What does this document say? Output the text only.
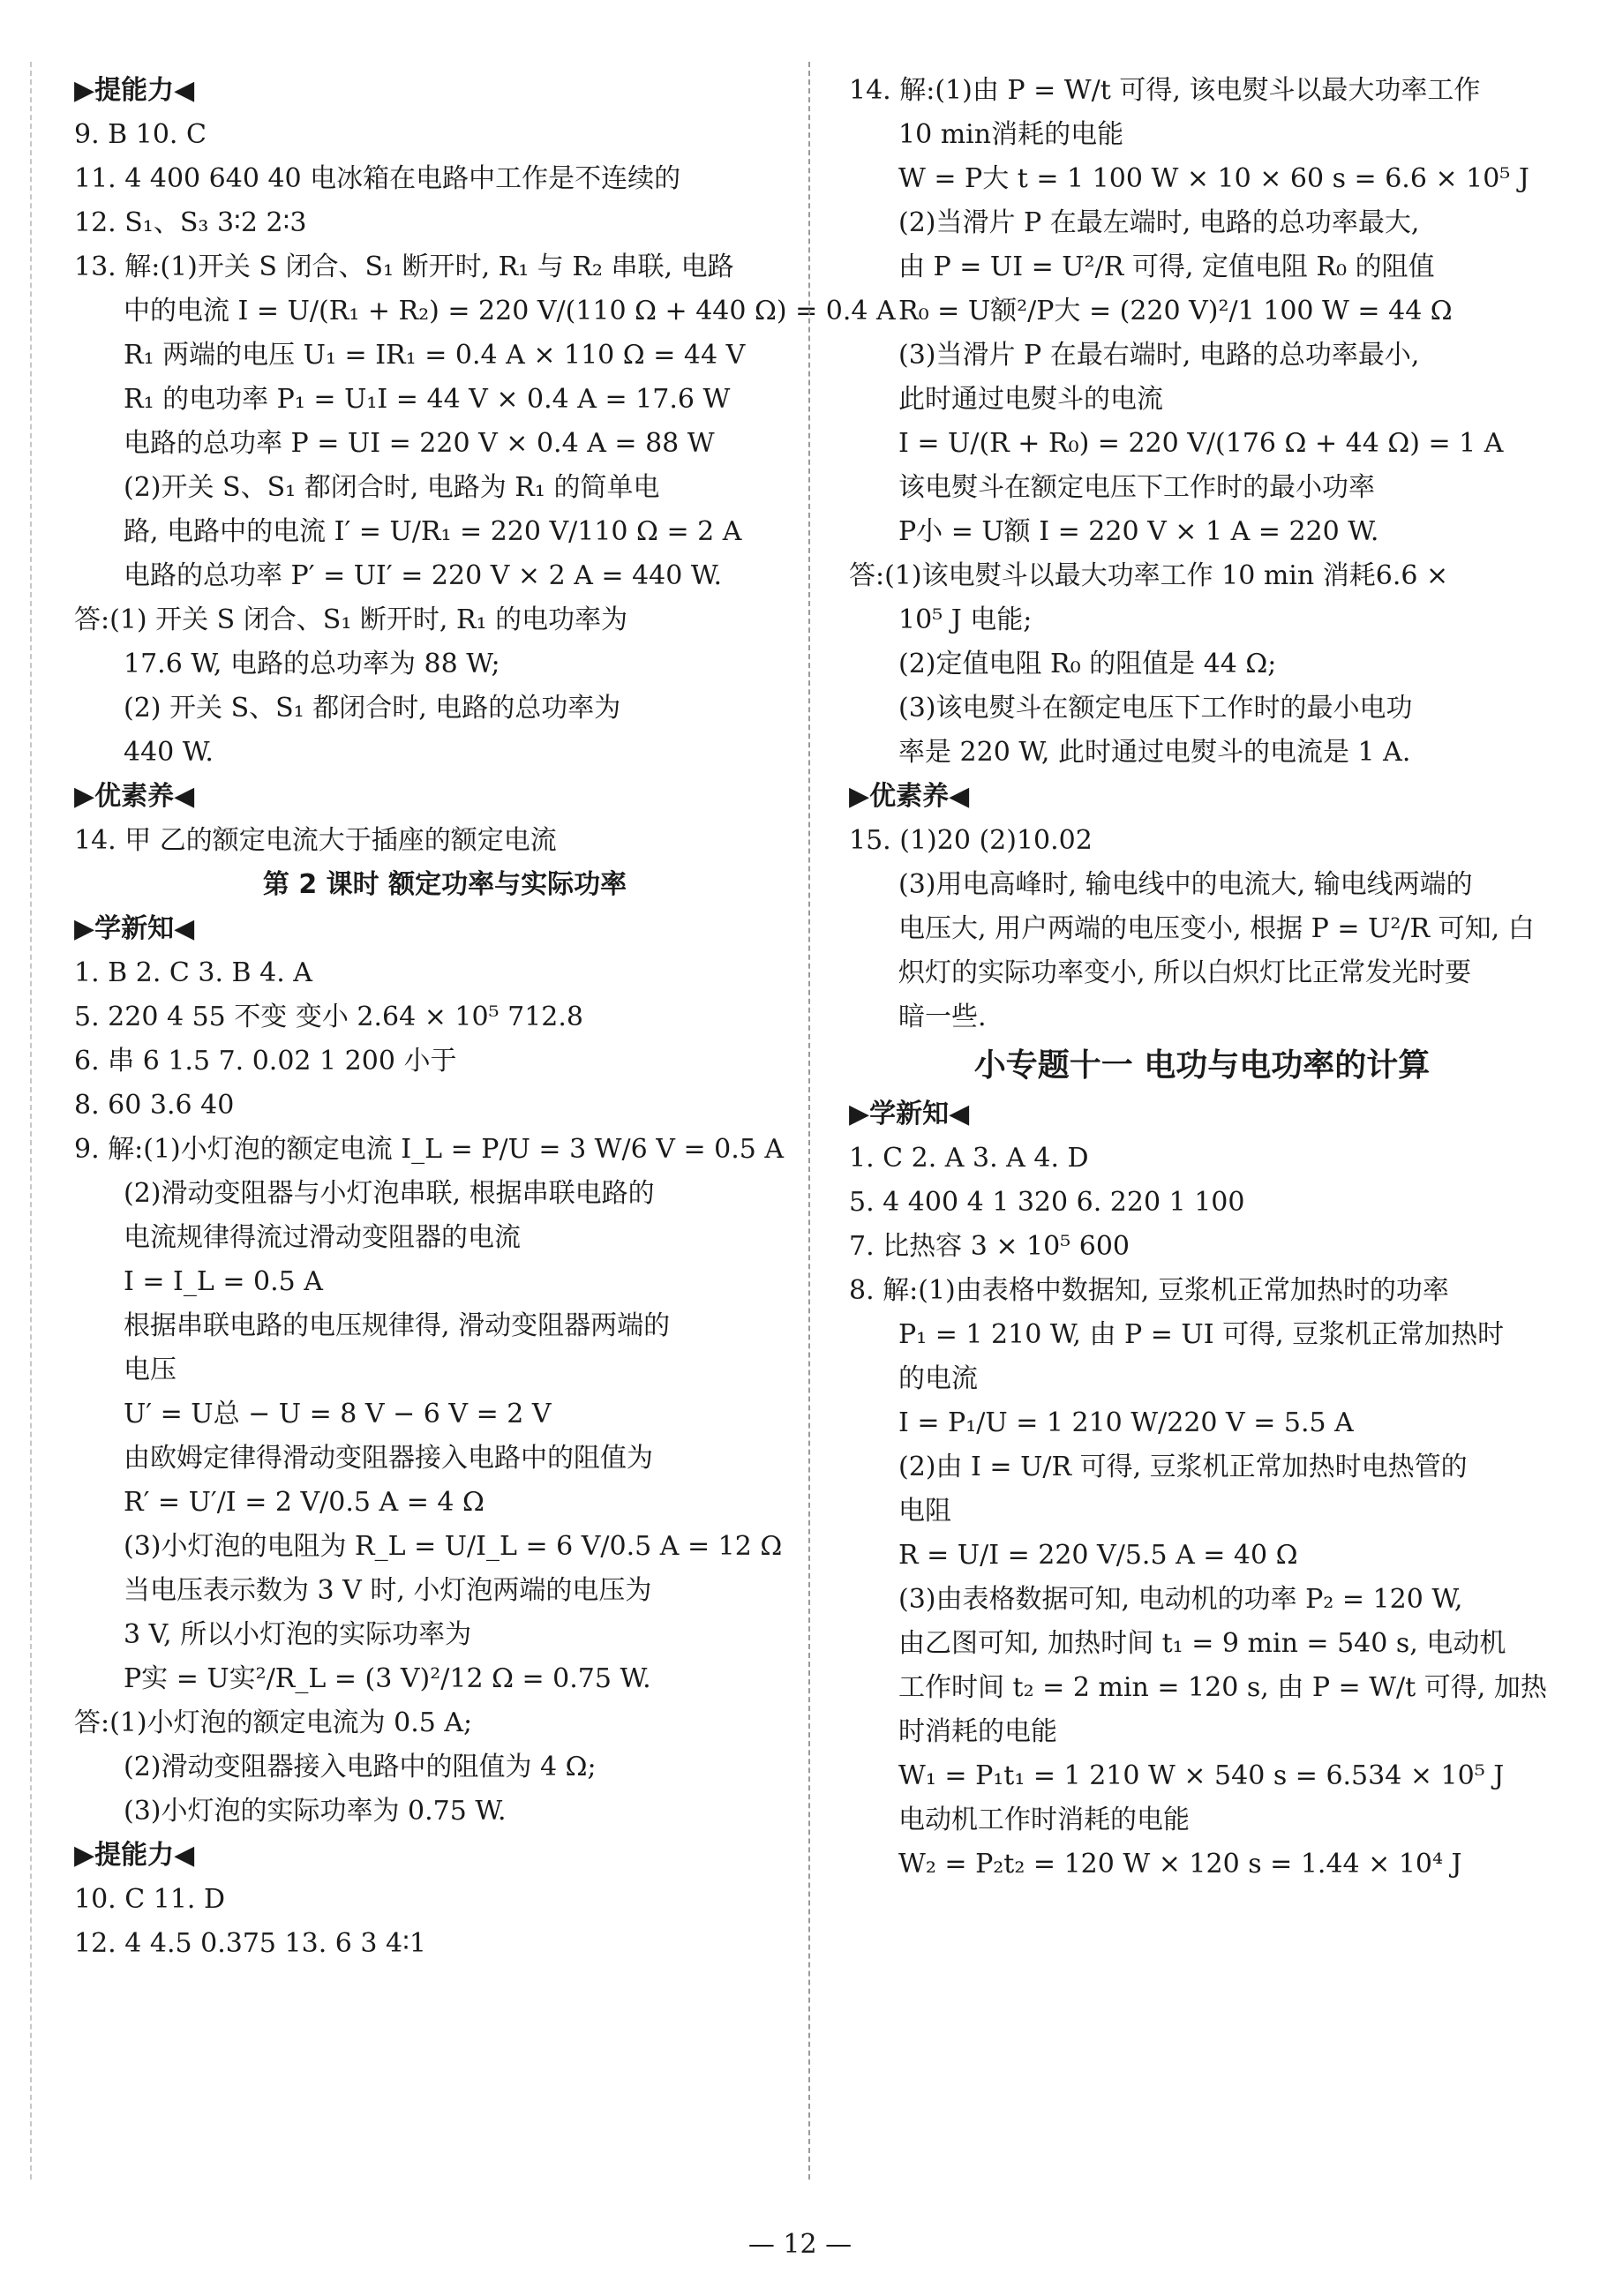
▶提能力◀
9. B 10. C
11. 4 400 640 40 电冰箱在电路中工作是不连续的
12. S₁、S₃ 3∶2 2∶3
13. 解:(1)开关 S 闭合、S₁ 断开时, R₁ 与 R₂ 串联, 电路
中的电流 I = U/(R₁ + R₂) = 220 V/(110 Ω + 440 Ω) = 0.4 A
R₁ 两端的电压 U₁ = IR₁ = 0.4 A × 110 Ω = 44 V
R₁ 的电功率 P₁ = U₁I = 44 V × 0.4 A = 17.6 W
电路的总功率 P = UI = 220 V × 0.4 A = 88 W
(2)开关 S、S₁ 都闭合时, 电路为 R₁ 的简单电
路, 电路中的电流 I′ = U/R₁ = 220 V/110 Ω = 2 A
电路的总功率 P′ = UI′ = 220 V × 2 A = 440 W.
答:(1) 开关 S 闭合、S₁ 断开时, R₁ 的电功率为
17.6 W, 电路的总功率为 88 W;
(2) 开关 S、S₁ 都闭合时, 电路的总功率为
440 W.
▶优素养◀
14. 甲 乙的额定电流大于插座的额定电流
第 2 课时 额定功率与实际功率
▶学新知◀
1. B 2. C 3. B 4. A
5. 220 4 55 不变 变小 2.64 × 10⁵ 712.8
6. 串 6 1.5 7. 0.02 1 200 小于
8. 60 3.6 40
9. 解:(1)小灯泡的额定电流 I_L = P/U = 3 W/6 V = 0.5 A
(2)滑动变阻器与小灯泡串联, 根据串联电路的
电流规律得流过滑动变阻器的电流
I = I_L = 0.5 A
根据串联电路的电压规律得, 滑动变阻器两端的
电压
U′ = U总 − U = 8 V − 6 V = 2 V
由欧姆定律得滑动变阻器接入电路中的阻值为
R′ = U′/I = 2 V/0.5 A = 4 Ω
(3)小灯泡的电阻为 R_L = U/I_L = 6 V/0.5 A = 12 Ω
当电压表示数为 3 V 时, 小灯泡两端的电压为
3 V, 所以小灯泡的实际功率为
P实 = U实²/R_L = (3 V)²/12 Ω = 0.75 W.
答:(1)小灯泡的额定电流为 0.5 A;
(2)滑动变阻器接入电路中的阻值为 4 Ω;
(3)小灯泡的实际功率为 0.75 W.
▶提能力◀
10. C 11. D
12. 4 4.5 0.375 13. 6 3 4∶1
14. 解:(1)由 P = W/t 可得, 该电熨斗以最大功率工作
10 min消耗的电能
W = P大 t = 1 100 W × 10 × 60 s = 6.6 × 10⁵ J
(2)当滑片 P 在最左端时, 电路的总功率最大,
由 P = UI = U²/R 可得, 定值电阻 R₀ 的阻值
R₀ = U额²/P大 = (220 V)²/1 100 W = 44 Ω
(3)当滑片 P 在最右端时, 电路的总功率最小,
此时通过电熨斗的电流
I = U/(R + R₀) = 220 V/(176 Ω + 44 Ω) = 1 A
该电熨斗在额定电压下工作时的最小功率
P小 = U额 I = 220 V × 1 A = 220 W.
答:(1)该电熨斗以最大功率工作 10 min 消耗6.6 ×
10⁵ J 电能;
(2)定值电阻 R₀ 的阻值是 44 Ω;
(3)该电熨斗在额定电压下工作时的最小电功
率是 220 W, 此时通过电熨斗的电流是 1 A.
▶优素养◀
15. (1)20 (2)10.02
(3)用电高峰时, 输电线中的电流大, 输电线两端的
电压大, 用户两端的电压变小, 根据 P = U²/R 可知, 白
炽灯的实际功率变小, 所以白炽灯比正常发光时要
暗一些.
小专题十一 电功与电功率的计算
▶学新知◀
1. C 2. A 3. A 4. D
5. 4 400 4 1 320 6. 220 1 100
7. 比热容 3 × 10⁵ 600
8. 解:(1)由表格中数据知, 豆浆机正常加热时的功率
P₁ = 1 210 W, 由 P = UI 可得, 豆浆机正常加热时
的电流
I = P₁/U = 1 210 W/220 V = 5.5 A
(2)由 I = U/R 可得, 豆浆机正常加热时电热管的
电阻
R = U/I = 220 V/5.5 A = 40 Ω
(3)由表格数据可知, 电动机的功率 P₂ = 120 W,
由乙图可知, 加热时间 t₁ = 9 min = 540 s, 电动机
工作时间 t₂ = 2 min = 120 s, 由 P = W/t 可得, 加热
时消耗的电能
W₁ = P₁t₁ = 1 210 W × 540 s = 6.534 × 10⁵ J
电动机工作时消耗的电能
W₂ = P₂t₂ = 120 W × 120 s = 1.44 × 10⁴ J
— 12 —
